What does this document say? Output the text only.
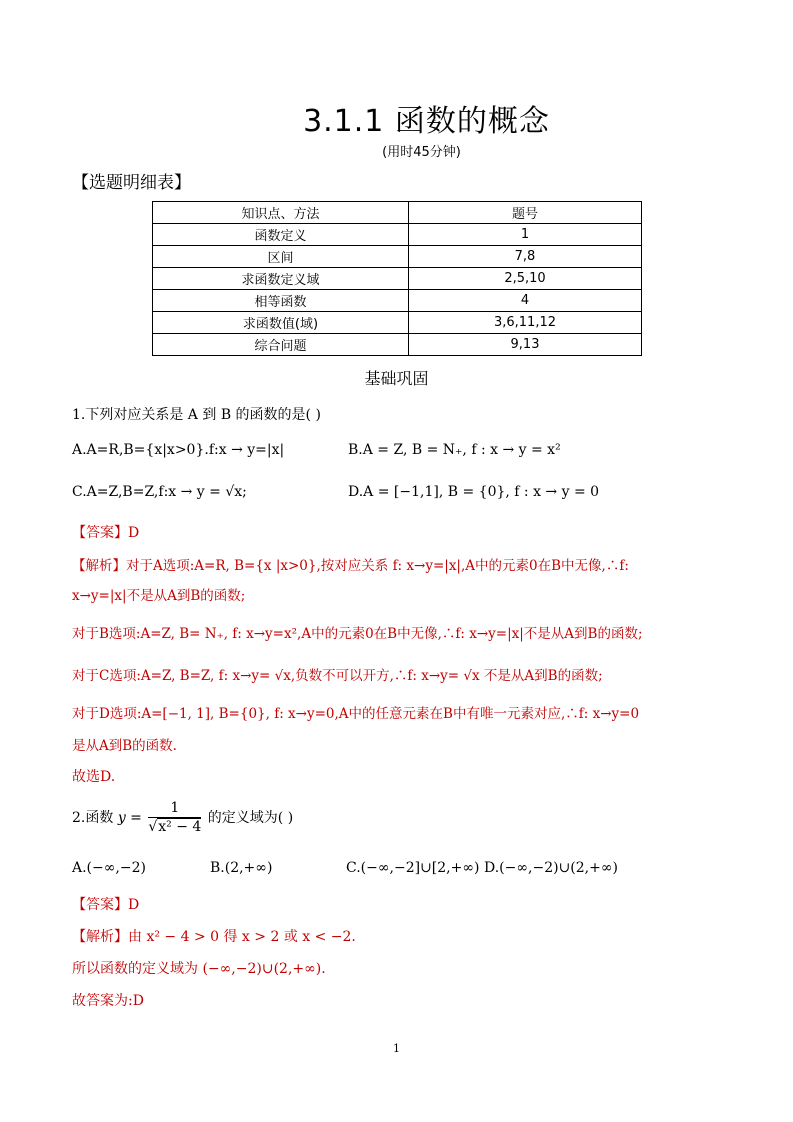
3.1.1 函数的概念
(用时45分钟)
【选题明细表】
知识点、方法	题号
函数定义	1
区间	7,8
求函数定义域	2,5,10
相等函数	4
求函数值(域)	3,6,11,12
综合问题	9,13
基础巩固
1.下列对应关系是 A 到 B 的函数的是( )
A.A=R,B={x|x>0}.f:x → y=|x|	B.A = Z, B = N₊, f : x → y = x²
C.A=Z,B=Z,f:x → y = √x;	D.A = [−1,1], B = {0}, f : x → y = 0
【答案】D
【解析】对于A选项:A=R, B={x |x>0},按对应关系 f: x→y=|x|,A中的元素0在B中无像,∴f:
x→y=|x|不是从A到B的函数;
对于B选项:A=Z, B= N₊, f: x→y=x²,A中的元素0在B中无像,∴f: x→y=|x|不是从A到B的函数;
对于C选项:A=Z, B=Z, f: x→y= √x,负数不可以开方,∴f: x→y= √x 不是从A到B的函数;
对于D选项:A=[−1, 1], B={0}, f: x→y=0,A中的任意元素在B中有唯一元素对应,∴f: x→y=0
是从A到B的函数.
故选D.
2.函数 $y = \frac{1}{\text{√x² − 4}}$ 的定义域为( )
A.(−∞,−2)	B.(2,+∞)	C.(−∞,−2]∪[2,+∞) D.(−∞,−2)∪(2,+∞)
【答案】D
【解析】由 x² − 4 > 0 得 x > 2 或 x < −2.
所以函数的定义域为 (−∞,−2)∪(2,+∞).
故答案为:D
1
